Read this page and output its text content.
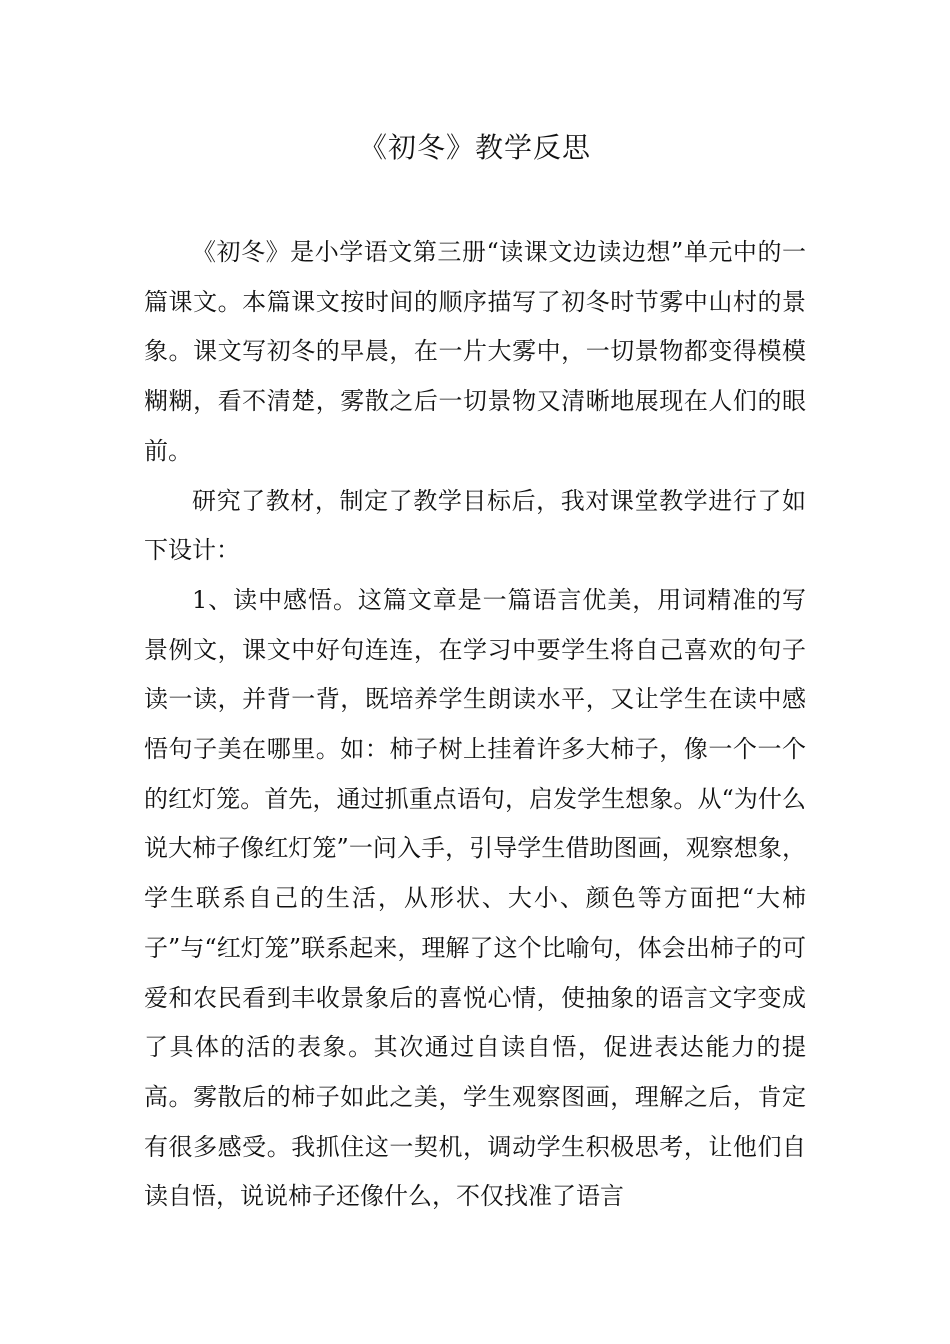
《初冬》教学反思

《初冬》是小学语文第三册“读课文边读边想”单元中的一篇课文。本篇课文按时间的顺序描写了初冬时节雾中山村的景象。课文写初冬的早晨，在一片大雾中，一切景物都变得模模糊糊，看不清楚，雾散之后一切景物又清晰地展现在人们的眼前。

研究了教材，制定了教学目标后，我对课堂教学进行了如下设计：

1、读中感悟。这篇文章是一篇语言优美，用词精准的写景例文，课文中好句连连，在学习中要学生将自己喜欢的句子读一读，并背一背，既培养学生朗读水平，又让学生在读中感悟句子美在哪里。如：柿子树上挂着许多大柿子，像一个一个的红灯笼。首先，通过抓重点语句，启发学生想象。从“为什么说大柿子像红灯笼”一问入手，引导学生借助图画，观察想象，学生联系自己的生活，从形状、大小、颜色等方面把“大柿子”与“红灯笼”联系起来，理解了这个比喻句，体会出柿子的可爱和农民看到丰收景象后的喜悦心情，使抽象的语言文字变成了具体的活的表象。其次通过自读自悟，促进表达能力的提高。雾散后的柿子如此之美，学生观察图画，理解之后，肯定有很多感受。我抓住这一契机，调动学生积极思考，让他们自读自悟，说说柿子还像什么，不仅找准了语言
